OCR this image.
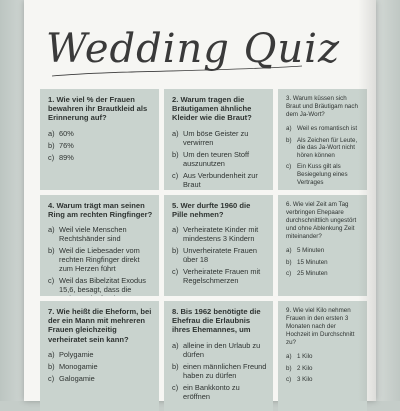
Wedding Quiz

1. Wie viel % der Frauen bewahren ihr Brautkleid als Erinnerung auf?

a) 60%
b) 76%
c) 89%

2. Warum tragen die Bräutigamen ähnliche Kleider wie die Braut?

a) Um böse Geister zu verwirren
b) Um den teuren Stoff auszunutzen
c) Aus Verbundenheit zur Braut

3. Warum küssen sich Braut und Bräutigam nach dem Ja-Wort?

a) Weil es romantisch ist
b) Als Zeichen für Leute, die das Ja-Wort nicht hören können
c) Ein Kuss gilt als Besiegelung eines Vertrages

4. Warum trägt man seinen Ring am rechten Ringfinger?

a) Weil viele Menschen Rechtshänder sind
b) Weil die Liebesader vom rechten Ringfinger direkt zum Herzen führt
c) Weil das Bibelzitat Exodus 15,6, besagt, dass die

5. Wer durfte 1960 die Pille nehmen?

a) Verheiratete Kinder mit mindestens 3 Kindern
b) Unverheiratete Frauen über 18
c) Verheiratete Frauen mit Regelschmerzen

6. Wie viel Zeit am Tag verbringen Ehepaare durchschnittlich ungestört und ohne Ablenkung Zeit miteinander?

a) 5 Minuten
b) 15 Minuten
c) 25 Minuten

7. Wie heißt die Eheform, bei der ein Mann mit mehreren Frauen gleichzeitig verheiratet sein kann?

a) Polygamie
b) Monogamie
c) Galogamie

8. Bis 1962 benötigte die Ehefrau die Erlaubnis ihres Ehemannes, um

a) alleine in den Urlaub zu dürfen
b) einen männlichen Freund haben zu dürfen
c) ein Bankkonto zu eröffnen

9. Wie viel Kilo nehmen Frauen in den ersten 3 Monaten nach der Hochzeit im Durchschnitt zu?

a) 1 Kilo
b) 2 Kilo
c) 3 Kilo
